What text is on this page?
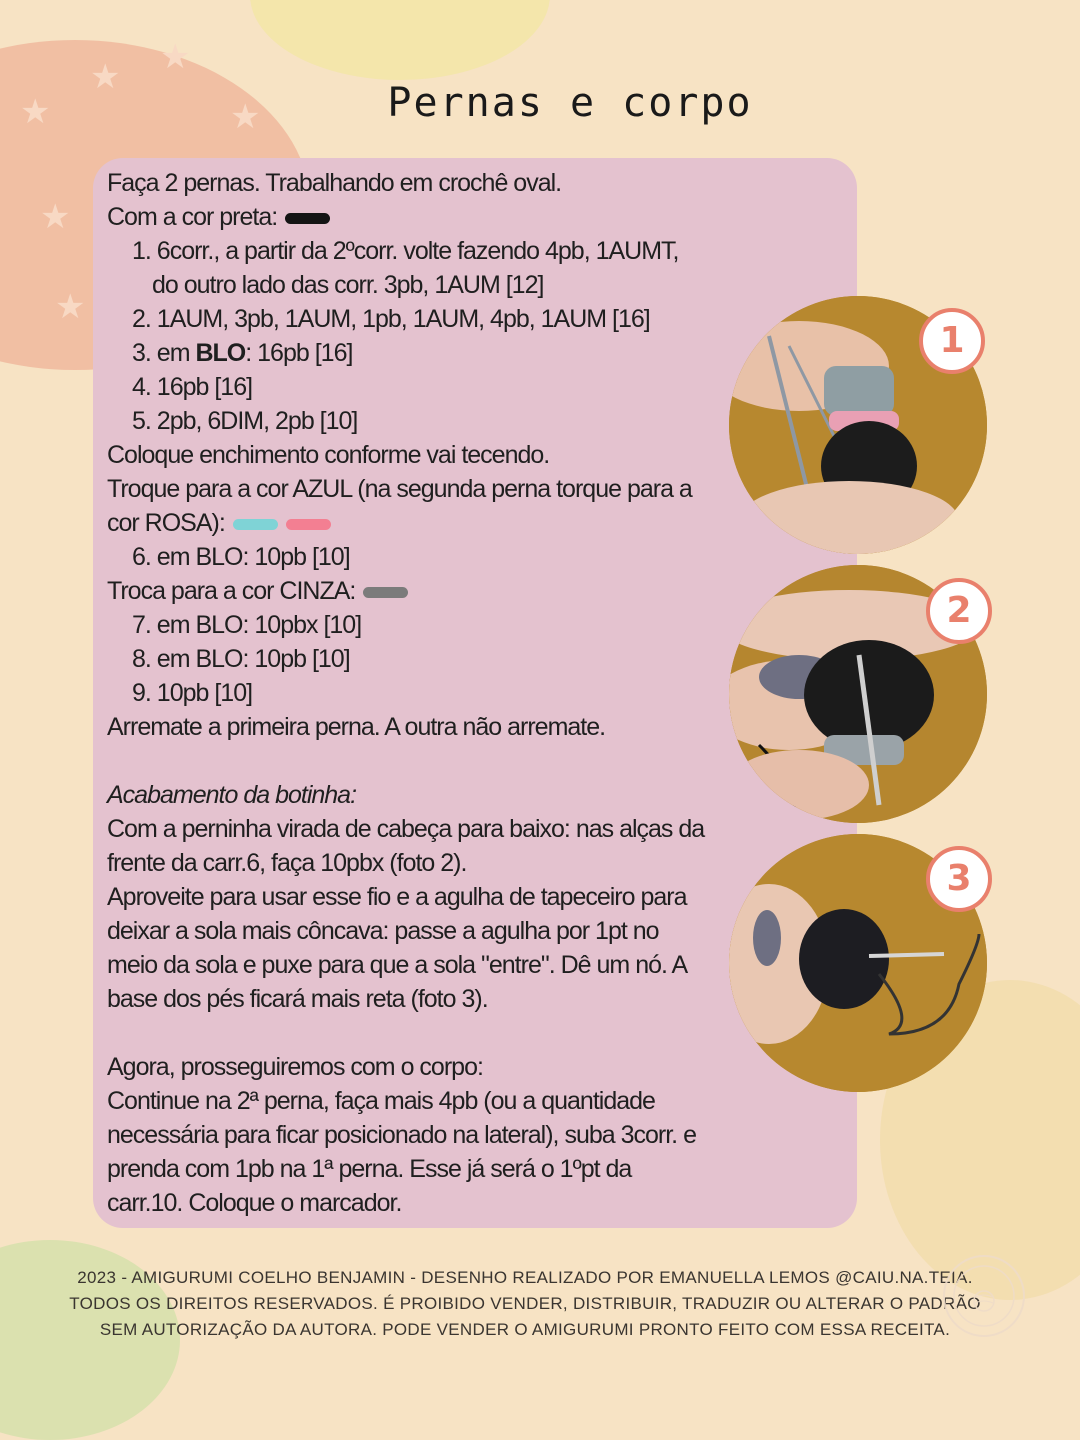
★
★
★
★
★
★
Pernas e corpo

Faça 2 pernas. Trabalhando em crochê oval.

Com a cor preta:

1. 6corr., a partir da 2ºcorr. volte fazendo 4pb, 1AUMT,

do outro lado das corr. 3pb, 1AUM [12]

2. 1AUM, 3pb, 1AUM, 1pb, 1AUM, 4pb, 1AUM [16]

3. em BLO: 16pb [16]

4. 16pb [16]

5. 2pb, 6DIM, 2pb [10]

Coloque enchimento conforme vai tecendo.

Troque para a cor AZUL (na segunda perna torque para a

cor ROSA):

6. em BLO: 10pb [10]

Troca para a cor CINZA:

7. em BLO: 10pbx [10]

8. em BLO: 10pb [10]

9. 10pb [10]

Arremate a primeira perna. A outra não arremate.

Acabamento da botinha:

Com a perninha virada de cabeça para baixo: nas alças da

frente da carr.6, faça 10pbx (foto 2).

Aproveite para usar esse fio e a agulha de tapeceiro para

deixar a sola mais côncava: passe a agulha por 1pt no

meio da sola e puxe para que a sola "entre". Dê um nó. A

base dos pés ficará mais reta (foto 3).

Agora, prosseguiremos com o corpo:

Continue na 2ª perna, faça mais 4pb (ou a quantidade

necessária para ficar posicionado na lateral), suba 3corr. e

prenda com 1pb na 1ª perna. Esse já será o 1ºpt da

carr.10. Coloque o marcador.

1
2
3
2023 - AMIGURUMI COELHO BENJAMIN - DESENHO REALIZADO POR EMANUELLA LEMOS @CAIU.NA.TEIA.
TODOS OS DIREITOS RESERVADOS. É PROIBIDO VENDER, DISTRIBUIR, TRADUZIR OU ALTERAR O PADRÃO
SEM AUTORIZAÇÃO DA AUTORA. PODE VENDER O AMIGURUMI PRONTO FEITO COM ESSA RECEITA.
